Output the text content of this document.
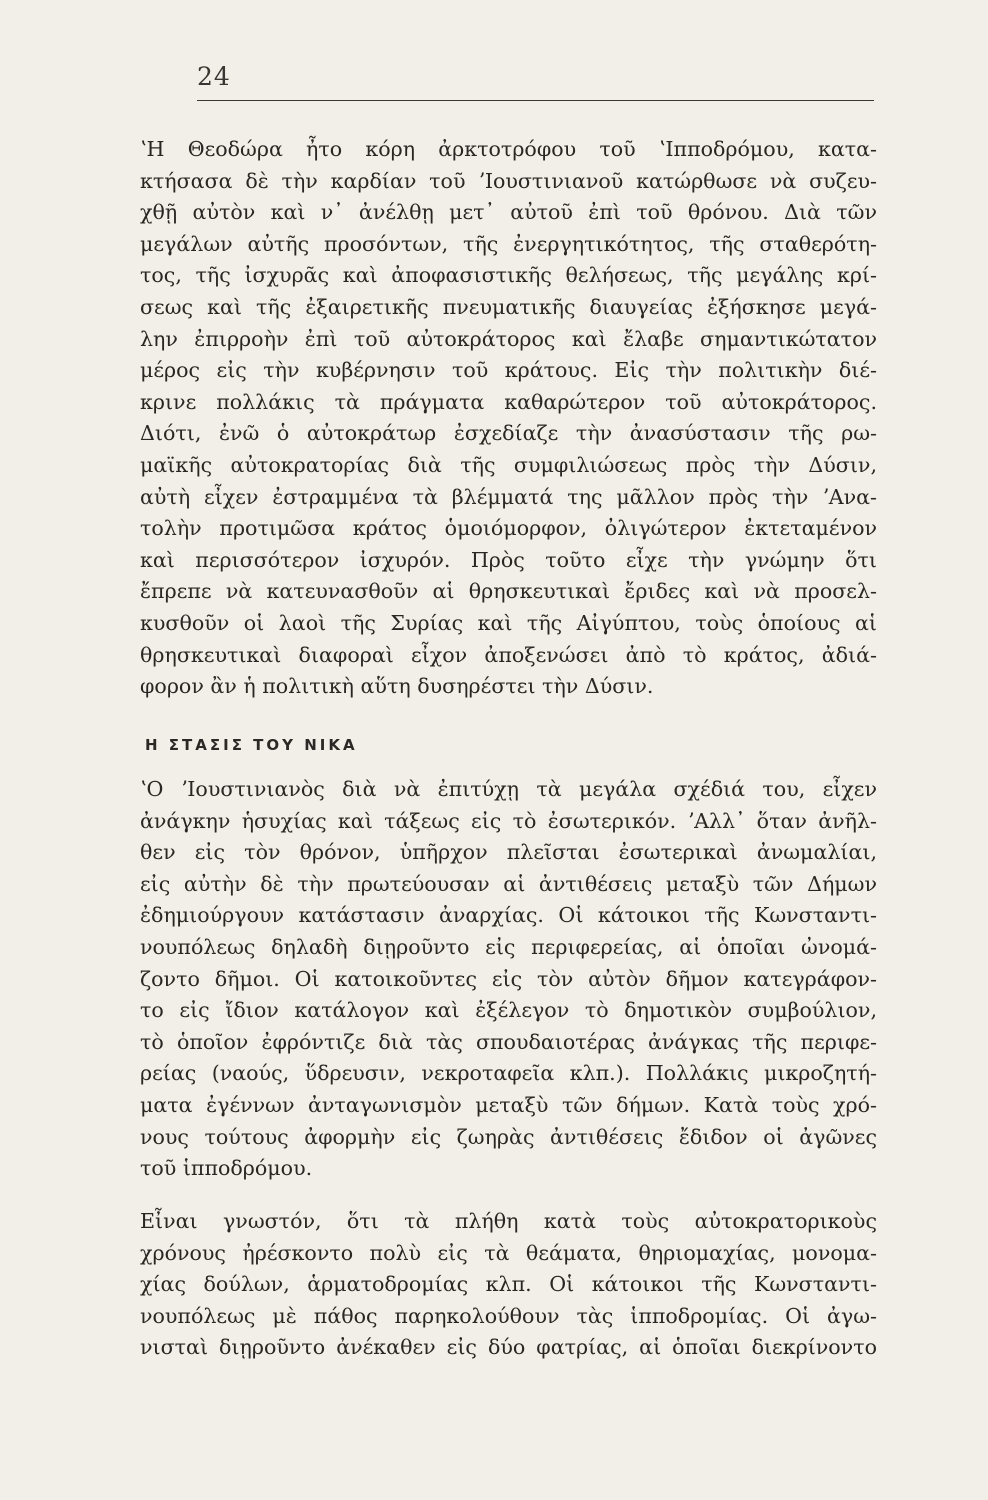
24
ʽΗ Θεοδώρα ἦτο κόρη ἀρκτοτρόφου τοῦ ʽΙπποδρόμου, κατα-
κτήσασα δὲ τὴν καρδίαν τοῦ ʼΙουστινιανοῦ κατώρθωσε νὰ συζευ-
χθῇ αὐτὸν καὶ ν᾽ ἀνέλθῃ μετ᾽ αὐτοῦ ἐπὶ τοῦ θρόνου. Διὰ τῶν
μεγάλων αὐτῆς προσόντων, τῆς ἐνεργητικότητος, τῆς σταθερότη-
τος, τῆς ἰσχυρᾶς καὶ ἀποφασιστικῆς θελήσεως, τῆς μεγάλης κρί-
σεως καὶ τῆς ἐξαιρετικῆς πνευματικῆς διαυγείας ἐξήσκησε μεγά-
λην ἐπιρροὴν ἐπὶ τοῦ αὐτοκράτορος καὶ ἔλαβε σημαντικώτατον
μέρος εἰς τὴν κυβέρνησιν τοῦ κράτους. Εἰς τὴν πολιτικὴν διέ-
κρινε πολλάκις τὰ πράγματα καθαρώτερον τοῦ αὐτοκράτορος.
Διότι, ἐνῶ ὁ αὐτοκράτωρ ἐσχεδίαζε τὴν ἀνασύστασιν τῆς ρω-
μαϊκῆς αὐτοκρατορίας διὰ τῆς συμφιλιώσεως πρὸς τὴν Δύσιν,
αὐτὴ εἶχεν ἐστραμμένα τὰ βλέμματά της μᾶλλον πρὸς τὴν ʼΑνα-
τολὴν προτιμῶσα κράτος ὁμοιόμορφον, ὀλιγώτερον ἐκτεταμένον
καὶ περισσότερον ἰσχυρόν. Πρὸς τοῦτο εἶχε τὴν γνώμην ὅτι
ἔπρεπε νὰ κατευνασθοῦν αἱ θρησκευτικαὶ ἔριδες καὶ νὰ προσελ-
κυσθοῦν οἱ λαοὶ τῆς Συρίας καὶ τῆς Αἰγύπτου, τοὺς ὁποίους αἱ
θρησκευτικαὶ διαφοραὶ εἶχον ἀποξενώσει ἀπὸ τὸ κράτος, ἀδιά-
φορον ἂν ἡ πολιτικὴ αὕτη δυσηρέστει τὴν Δύσιν.
Η ΣΤΑΣΙΣ ΤΟΥ ΝΙΚΑ
ʽΟ ʼΙουστινιανὸς διὰ νὰ ἐπιτύχῃ τὰ μεγάλα σχέδιά του, εἶχεν
ἀνάγκην ἡσυχίας καὶ τάξεως εἰς τὸ ἐσωτερικόν. ʼΑλλ᾽ ὅταν ἀνῆλ-
θεν εἰς τὸν θρόνον, ὑπῆρχον πλεῖσται ἐσωτερικαὶ ἀνωμαλίαι,
εἰς αὐτὴν δὲ τὴν πρωτεύουσαν αἱ ἀντιθέσεις μεταξὺ τῶν Δήμων
ἐδημιούργουν κατάστασιν ἀναρχίας. Οἱ κάτοικοι τῆς Κωνσταντι-
νουπόλεως δηλαδὴ διῃροῦντο εἰς περιφερείας, αἱ ὁποῖαι ὠνομά-
ζοντο δῆμοι. Οἱ κατοικοῦντες εἰς τὸν αὐτὸν δῆμον κατεγράφον-
το εἰς ἴδιον κατάλογον καὶ ἐξέλεγον τὸ δημοτικὸν συμβούλιον,
τὸ ὁποῖον ἐφρόντιζε διὰ τὰς σπουδαιοτέρας ἀνάγκας τῆς περιφε-
ρείας (ναούς, ὕδρευσιν, νεκροταφεῖα κλπ.). Πολλάκις μικροζητή-
ματα ἐγέννων ἀνταγωνισμὸν μεταξὺ τῶν δήμων. Κατὰ τοὺς χρό-
νους τούτους ἀφορμὴν εἰς ζωηρὰς ἀντιθέσεις ἔδιδον οἱ ἀγῶνες
τοῦ ἱπποδρόμου.
Εἶναι γνωστόν, ὅτι τὰ πλήθη κατὰ τοὺς αὐτοκρατορικοὺς
χρόνους ἠρέσκοντο πολὺ εἰς τὰ θεάματα, θηριομαχίας, μονομα-
χίας δούλων, ἁρματοδρομίας κλπ. Οἱ κάτοικοι τῆς Κωνσταντι-
νουπόλεως μὲ πάθος παρηκολούθουν τὰς ἱπποδρομίας. Οἱ ἀγω-
νισταὶ διῃροῦντο ἀνέκαθεν εἰς δύο φατρίας, αἱ ὁποῖαι διεκρίνοντο
